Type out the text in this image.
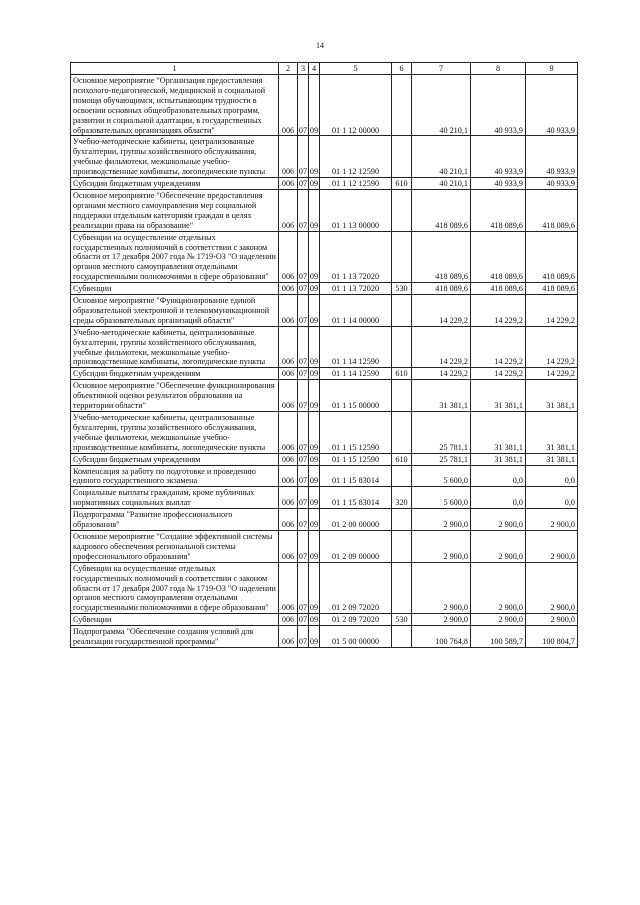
14
1	2	3	4	5	6	7	8	9
Основное мероприятие "Организация предоставления психолого-педагогической, медицинской и социальной помощи обучающимся, испытывающим трудности в освоении основных общеобразовательных программ, развитии и социальной адаптации, в государственных образовательных организациях области"	006	07	09	01 1 12 00000		40 210,1	40 933,9	40 933,9
Учебно-методические кабинеты, централизованные бухгалтерии, группы хозяйственного обслуживания, учебные фильмотеки, межшкольные учебно-производственные комбинаты, логопедические пункты	006	07	09	01 1 12 12590		40 210,1	40 933,9	40 933,9
Субсидии бюджетным учреждениям	006	07	09	01 1 12 12590	610	40 210,1	40 933,9	40 933,9
Основное мероприятие "Обеспечение предоставления органами местного самоуправления мер социальной поддержки отдельным категориям граждан в целях реализации права на образование"	006	07	09	01 1 13 00000		418 089,6	418 089,6	418 089,6
Субвенции на осуществление отдельных государственных полномочий в соответствии с законом области от 17 декабря 2007 года № 1719-ОЗ "О наделении органов местного самоуправления отдельными государственными полномочиями в сфере образования"	006	07	09	01 1 13 72020		418 089,6	418 089,6	418 089,6
Субвенции	006	07	09	01 1 13 72020	530	418 089,6	418 089,6	418 089,6
Основное мероприятие "Функционирование единой образовательной электронной и телекоммуникационной среды образовательных организаций области"	006	07	09	01 1 14 00000		14 229,2	14 229,2	14 229,2
Учебно-методические кабинеты, централизованные бухгалтерии, группы хозяйственного обслуживания, учебные фильмотеки, межшкольные учебно-производственные комбинаты, логопедические пункты	006	07	09	01 1 14 12590		14 229,2	14 229,2	14 229,2
Субсидии бюджетным учреждениям	006	07	09	01 1 14 12590	610	14 229,2	14 229,2	14 229,2
Основное мероприятие "Обеспечение функционирования объективной оценки результатов образования на территории области"	006	07	09	01 1 15 00000		31 381,1	31 381,1	31 381,1
Учебно-методические кабинеты, централизованные бухгалтерии, группы хозяйственного обслуживания, учебные фильмотеки, межшкольные учебно-производственные комбинаты, логопедические пункты	006	07	09	01 1 15 12590		25 781,1	31 381,1	31 381,1
Субсидии бюджетным учреждениям	006	07	09	01 1 15 12590	610	25 781,1	31 381,1	31 381,1
Компенсация за работу по подготовке и проведению единого государственного экзамена	006	07	09	01 1 15 83014		5 600,0	0,0	0,0
Социальные выплаты гражданам, кроме публичных нормативных социальных выплат	006	07	09	01 1 15 83014	320	5 600,0	0,0	0,0
Подпрограмма "Развитие профессионального образования"	006	07	09	01 2 00 00000		2 900,0	2 900,0	2 900,0
Основное мероприятие "Создание эффективной системы кадрового обеспечения региональной системы профессионального образования"	006	07	09	01 2 09 00000		2 900,0	2 900,0	2 900,0
Субвенции на осуществление отдельных государственных полномочий в соответствии с законом области от 17 декабря 2007 года № 1719-ОЗ "О наделении органов местного самоуправления отдельными государственными полномочиями в сфере образования"	006	07	09	01 2 09 72020		2 900,0	2 900,0	2 900,0
Субвенции	006	07	09	01 2 09 72020	530	2 900,0	2 900,0	2 900,0
Подпрограмма "Обеспечение создания условий для реализации государственной программы"	006	07	09	01 5 00 00000		100 764,8	100 589,7	100 804,7
